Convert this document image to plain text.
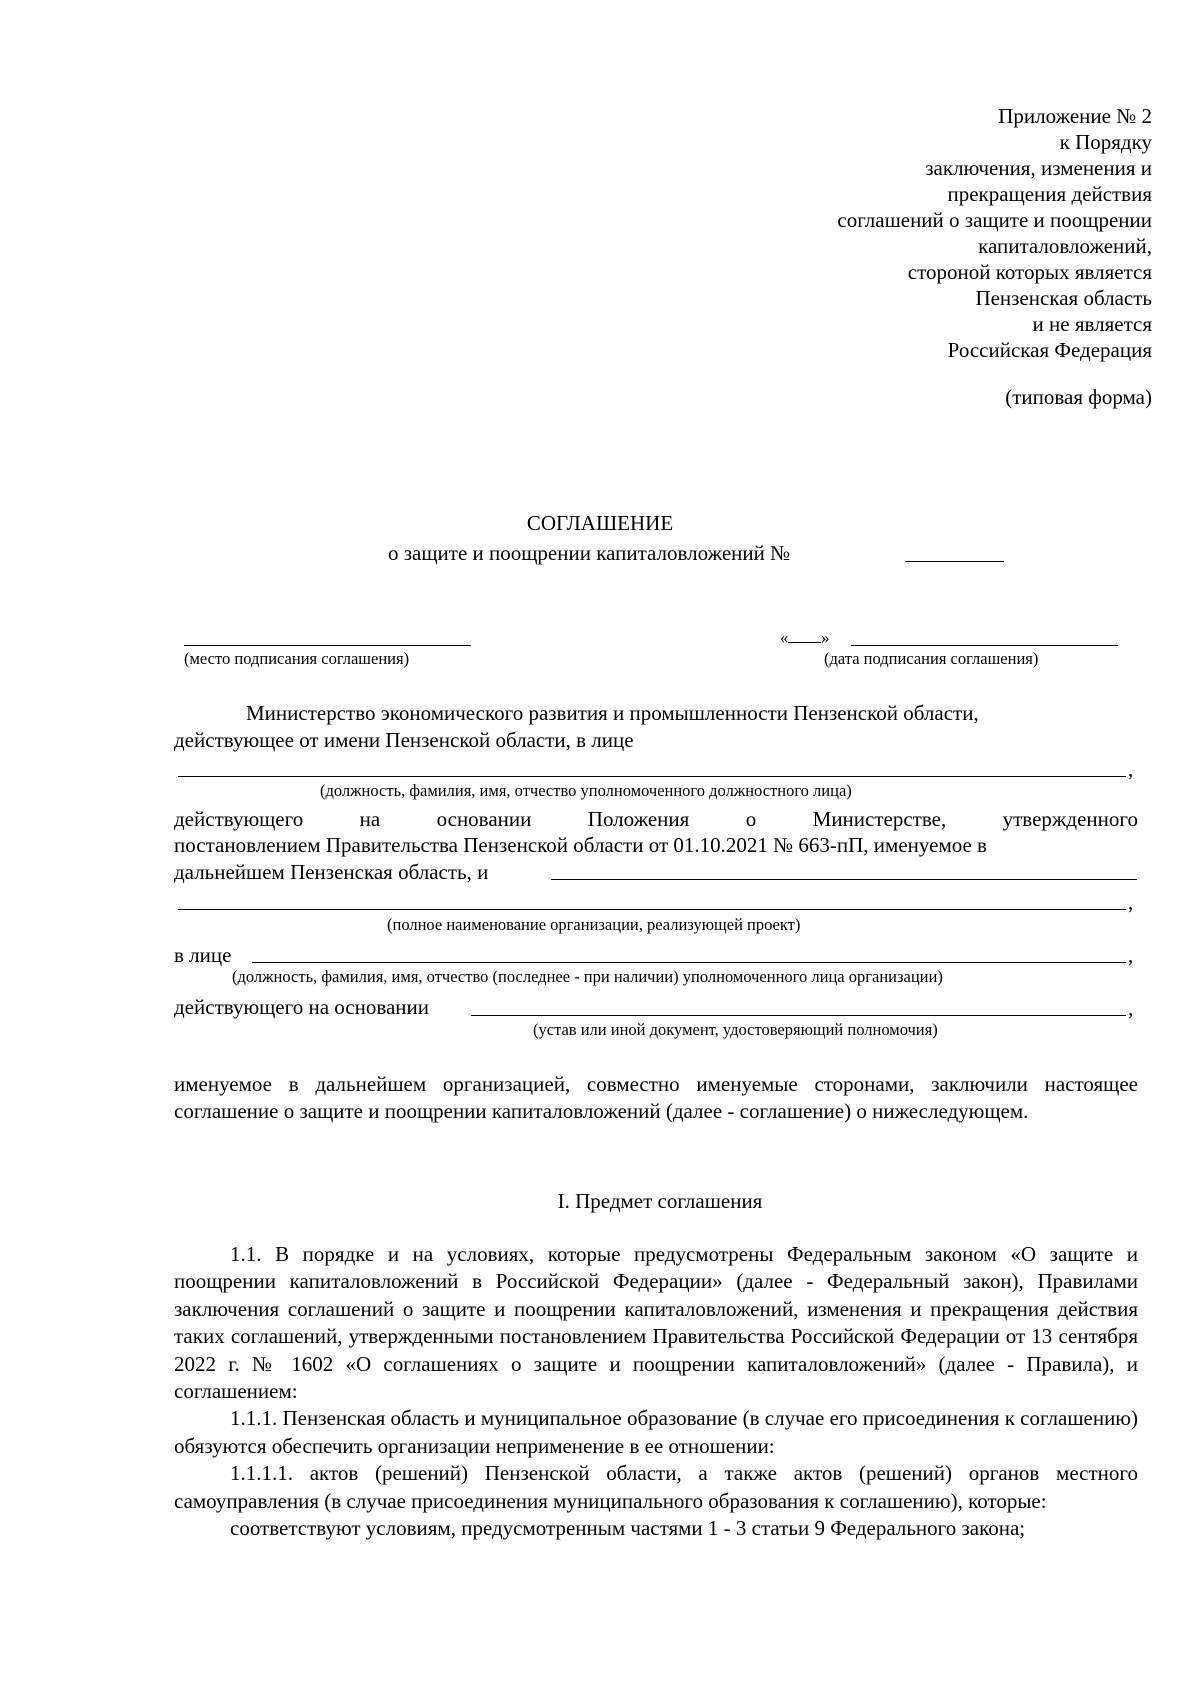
Приложение № 2
к Порядку
заключения, изменения и
прекращения действия
соглашений о защите и поощрении
капиталовложений,
стороной которых является
Пензенская область
и не является
Российская Федерация
(типовая форма)
СОГЛАШЕНИЕ
о защите и поощрении капиталовложений №
(место подписания соглашения)
« »
(дата подписания соглашения)
Министерство экономического развития и промышленности Пензенской области,
действующее от имени Пензенской области, в лице
,
(должность, фамилия, имя, отчество уполномоченного должностного лица)
действующего на основании Положения о Министерстве, утвержденного
постановлением Правительства Пензенской области от 01.10.2021 № 663-пП, именуемое в
дальнейшем Пензенская область, и
,
(полное наименование организации, реализующей проект)
в лице	,
(должность, фамилия, имя, отчество (последнее - при наличии) уполномоченного лица организации)
действующего на основании	,
(устав или иной документ, удостоверяющий полномочия)

именуемое в дальнейшем организацией, совместно именуемые сторонами, заключили настоящее соглашение о защите и поощрении капиталовложений (далее - соглашение) о нижеследующем.

I. Предмет соглашения

1.1. В порядке и на условиях, которые предусмотрены Федеральным законом «О защите и поощрении капиталовложений в Российской Федерации» (далее - Федеральный закон), Правилами заключения соглашений о защите и поощрении капиталовложений, изменения и прекращения действия таких соглашений, утвержденными постановлением Правительства Российской Федерации от 13 сентября 2022 г. № 1602 «О соглашениях о защите и поощрении капиталовложений» (далее - Правила), и соглашением:

1.1.1. Пензенская область и муниципальное образование (в случае его присоединения к соглашению) обязуются обеспечить организации неприменение в ее отношении:

1.1.1.1. актов (решений) Пензенской области, а также актов (решений) органов местного самоуправления (в случае присоединения муниципального образования к соглашению), которые:

соответствуют условиям, предусмотренным частями 1 - 3 статьи 9 Федерального закона;
